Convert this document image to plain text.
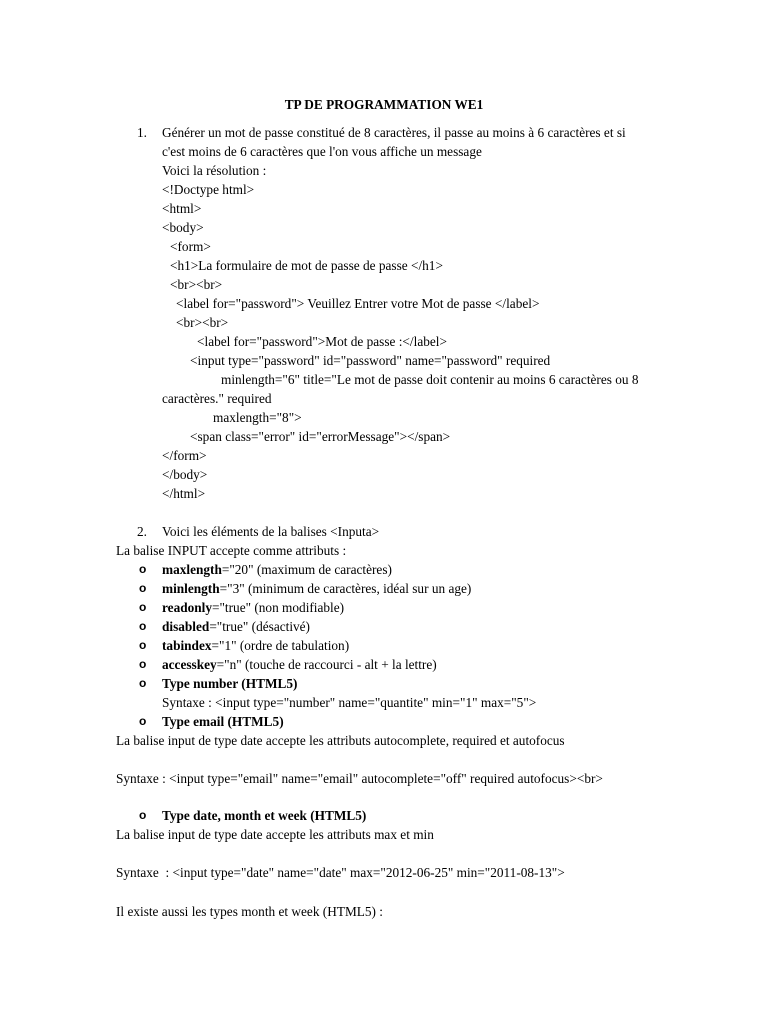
TP DE PROGRAMMATION WE1
1. Générer un mot de passe constitué de 8 caractères, il passe au moins à 6 caractères et si
c'est moins de 6 caractères que l'on vous affiche un message
Voici la résolution :
<!Doctype html>
<html>
<body>
<form>
<h1>La formulaire de mot de passe de passe </h1>
<br><br>
<label for="password"> Veuillez Entrer votre Mot de passe </label>
<br><br>
<label for="password">Mot de passe :</label>
<input type="password" id="password" name="password" required
minlength="6" title="Le mot de passe doit contenir au moins 6 caractères ou 8
caractères." required
maxlength="8">
<span class="error" id="errorMessage"></span>
</form>
</body>
</html>
2. Voici les éléments de la balises <Inputa>
La balise INPUT accepte comme attributs :
o maxlength="20" (maximum de caractères)
o minlength="3" (minimum de caractères, idéal sur un age)
o readonly="true" (non modifiable)
o disabled="true" (désactivé)
o tabindex="1" (ordre de tabulation)
o accesskey="n" (touche de raccourci - alt + la lettre)
o Type number (HTML5)
Syntaxe : <input type="number" name="quantite" min="1" max="5">
o Type email (HTML5)
La balise input de type date accepte les attributs autocomplete, required et autofocus
Syntaxe : <input type="email" name="email" autocomplete="off" required autofocus><br>
o Type date, month et week (HTML5)
La balise input de type date accepte les attributs max et min
Syntaxe  : <input type="date" name="date" max="2012-06-25" min="2011-08-13">
Il existe aussi les types month et week (HTML5) :
